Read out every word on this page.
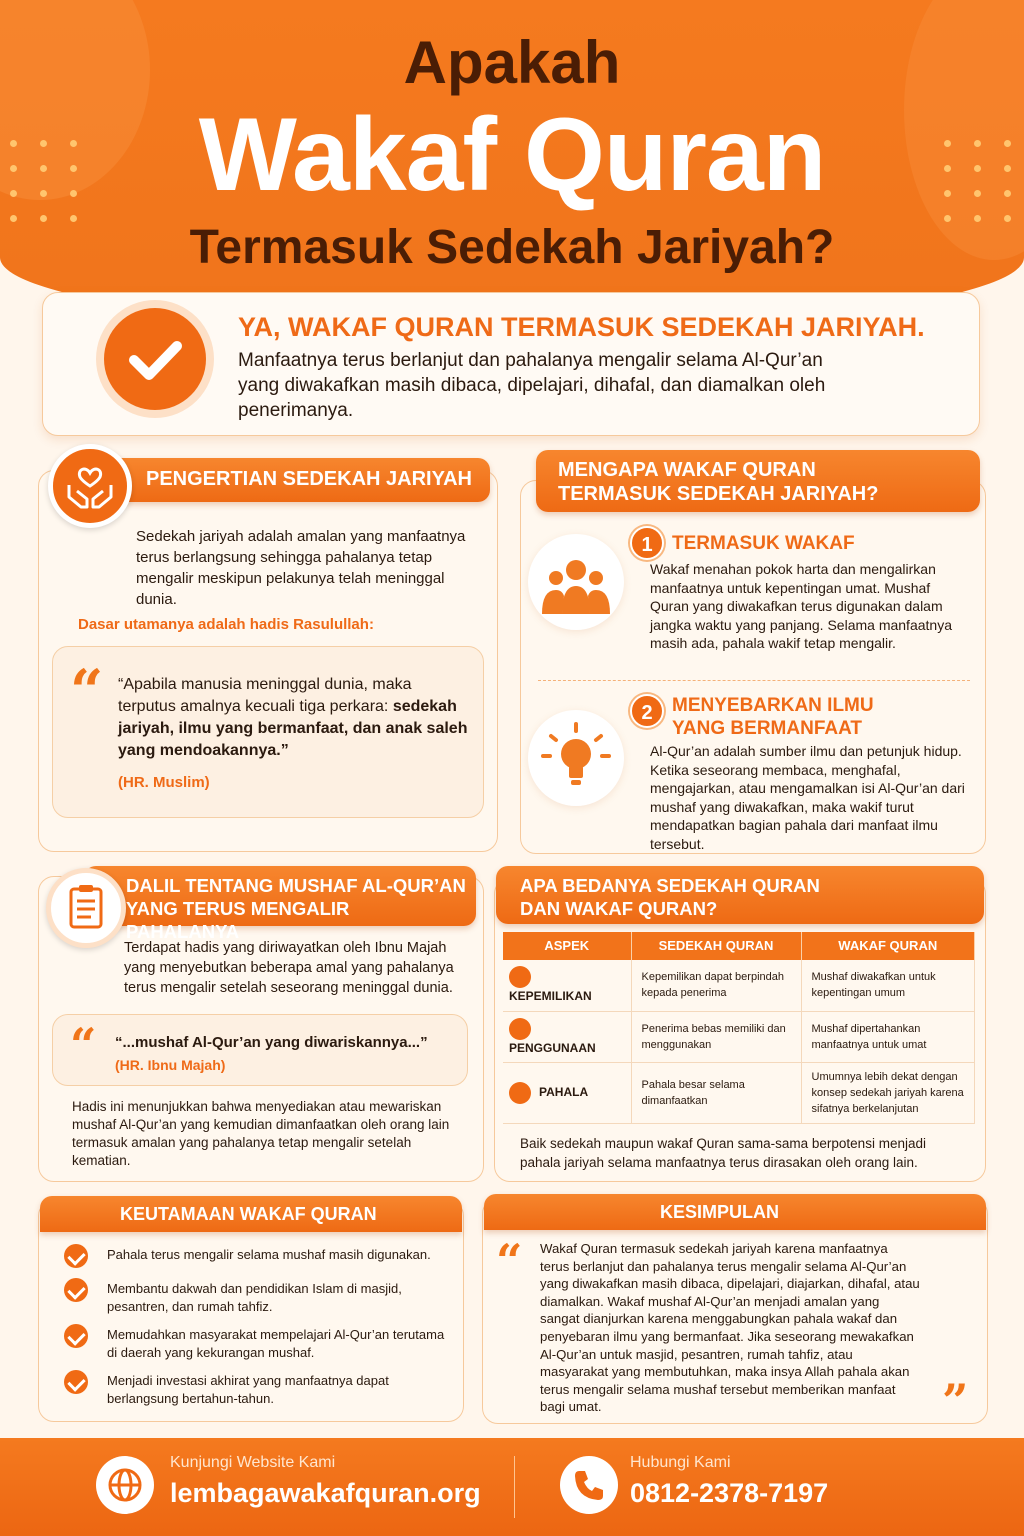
Apakah
Wakaf Quran
Termasuk Sedekah Jariyah?
YA, WAKAF QURAN TERMASUK SEDEKAH JARIYAH.
Manfaatnya terus berlanjut dan pahalanya mengalir selama Al-Qur’an yang diwakafkan masih dibaca, dipelajari, dihafal, dan diamalkan oleh penerimanya.
PENGERTIAN SEDEKAH JARIYAH
Sedekah jariyah adalah amalan yang manfaatnya terus berlangsung sehingga pahalanya tetap mengalir meskipun pelakunya telah meninggal dunia.
Dasar utamanya adalah hadis Rasulullah:
“ “Apabila manusia meninggal dunia, maka terputus amalnya kecuali tiga perkara: sedekah jariyah, ilmu yang bermanfaat, dan anak saleh yang mendoakannya.”
(HR. Muslim)
MENGAPA WAKAF QURAN TERMASUK SEDEKAH JARIYAH?
1	TERMASUK WAKAF
Wakaf menahan pokok harta dan mengalirkan manfaatnya untuk kepentingan umat. Mushaf Quran yang diwakafkan terus digunakan dalam jangka waktu yang panjang. Selama manfaatnya masih ada, pahala wakif tetap mengalir.
2	MENYEBARKAN ILMU YANG BERMANFAAT
Al-Qur’an adalah sumber ilmu dan petunjuk hidup. Ketika seseorang membaca, menghafal, mengajarkan, atau mengamalkan isi Al-Qur’an dari mushaf yang diwakafkan, maka wakif turut mendapatkan bagian pahala dari manfaat ilmu tersebut.
DALIL TENTANG MUSHAF AL-QUR’AN YANG TERUS MENGALIR PAHALANYA
Terdapat hadis yang diriwayatkan oleh Ibnu Majah yang menyebutkan beberapa amal yang pahalanya terus mengalir setelah seseorang meninggal dunia.
“ “...mushaf Al-Qur’an yang diwariskannya...”
(HR. Ibnu Majah)
Hadis ini menunjukkan bahwa menyediakan atau mewariskan mushaf Al-Qur’an yang kemudian dimanfaatkan oleh orang lain termasuk amalan yang pahalanya tetap mengalir setelah kematian.
APA BEDANYA SEDEKAH QURAN DAN WAKAF QURAN?
ASPEK	SEDEKAH QURAN	WAKAF QURAN
KEPEMILIKAN	Kepemilikan dapat berpindah kepada penerima	Mushaf diwakafkan untuk kepentingan umum
PENGGUNAAN	Penerima bebas memiliki dan menggunakan	Mushaf dipertahankan manfaatnya untuk umat
PAHALA	Pahala besar selama dimanfaatkan	Umumnya lebih dekat dengan konsep sedekah jariyah karena sifatnya berkelanjutan
Baik sedekah maupun wakaf Quran sama-sama berpotensi menjadi pahala jariyah selama manfaatnya terus dirasakan oleh orang lain.
KEUTAMAAN WAKAF QURAN
Pahala terus mengalir selama mushaf masih digunakan.
Membantu dakwah dan pendidikan Islam di masjid, pesantren, dan rumah tahfiz.
Memudahkan masyarakat mempelajari Al-Qur’an terutama di daerah yang kekurangan mushaf.
Menjadi investasi akhirat yang manfaatnya dapat berlangsung bertahun-tahun.
KESIMPULAN
“ Wakaf Quran termasuk sedekah jariyah karena manfaatnya terus berlanjut dan pahalanya terus mengalir selama Al-Qur’an yang diwakafkan masih dibaca, dipelajari, diajarkan, dihafal, atau diamalkan. Wakaf mushaf Al-Qur’an menjadi amalan yang sangat dianjurkan karena menggabungkan pahala wakaf dan penyebaran ilmu yang bermanfaat. Jika seseorang mewakafkan Al-Qur’an untuk masjid, pesantren, rumah tahfiz, atau masyarakat yang membutuhkan, maka insya Allah pahala akan terus mengalir selama mushaf tersebut memberikan manfaat bagi umat.	”
Kunjungi Website Kami
lembagawakafquran.org
Hubungi Kami
0812-2378-7197
